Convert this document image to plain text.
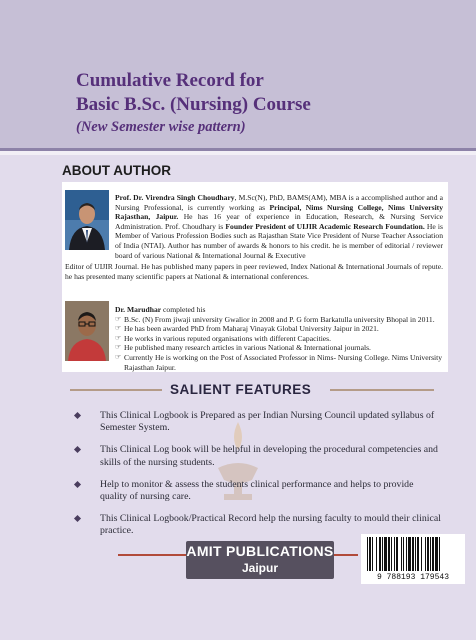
Cumulative Record for
Basic B.Sc. (Nursing) Course
(New Semester wise pattern)
ABOUT AUTHOR
Prof. Dr. Virendra Singh Choudhary, M.Sc(N), PhD, BAMS(AM), MBA is a accomplished author and a Nursing Professional, is currently working as Principal, Nims Nursing College, Nims University Rajasthan, Jaipur. He has 16 year of experience in Education, Research, & Nursing Service Administration. Prof. Choudhary is Founder President of UIJIR Academic Research Foundation. He is Member of Various Profession Bodies such as Rajasthan State Vice President of Nurse Teacher Association of India (NTAI). Author has number of awards & honors to his credit. he is member of editorial / reviewer board of various National & International Journal & Executive
Editor of UIJIR Journal. He has published many papers in peer reviewed, Index National & International Journals of repute. he has presented many scientific papers at National & international conferences.
Dr. Marudhar completed his
☞ B.Sc. (N) From jiwaji university Gwalior in 2008 and P. G form Barkatulla university Bhopal in 2011.
☞ He has been awarded PhD from Maharaj Vinayak Global University Jaipur in 2021.
☞ He works in various reputed organisations with different Capacities.
☞ He published many research articles in various National & International journals.
☞ Currently He is working on the Post of Associated Professor in Nims- Nursing College. Nims University Rajasthan Jaipur.
SALIENT FEATURES
This Clinical Logbook is Prepared as per Indian Nursing Council updated syllabus of Semester System.
This Clinical Log book will be helpful in developing the procedural competencies and skills of the nursing students.
Help to monitor & assess the students clinical performance and helps to provide quality of nursing care.
This Clinical Logbook/Practical Record help the nursing faculty to mould their clinical practice.
AMIT PUBLICATIONS
Jaipur
9 788193 179543
